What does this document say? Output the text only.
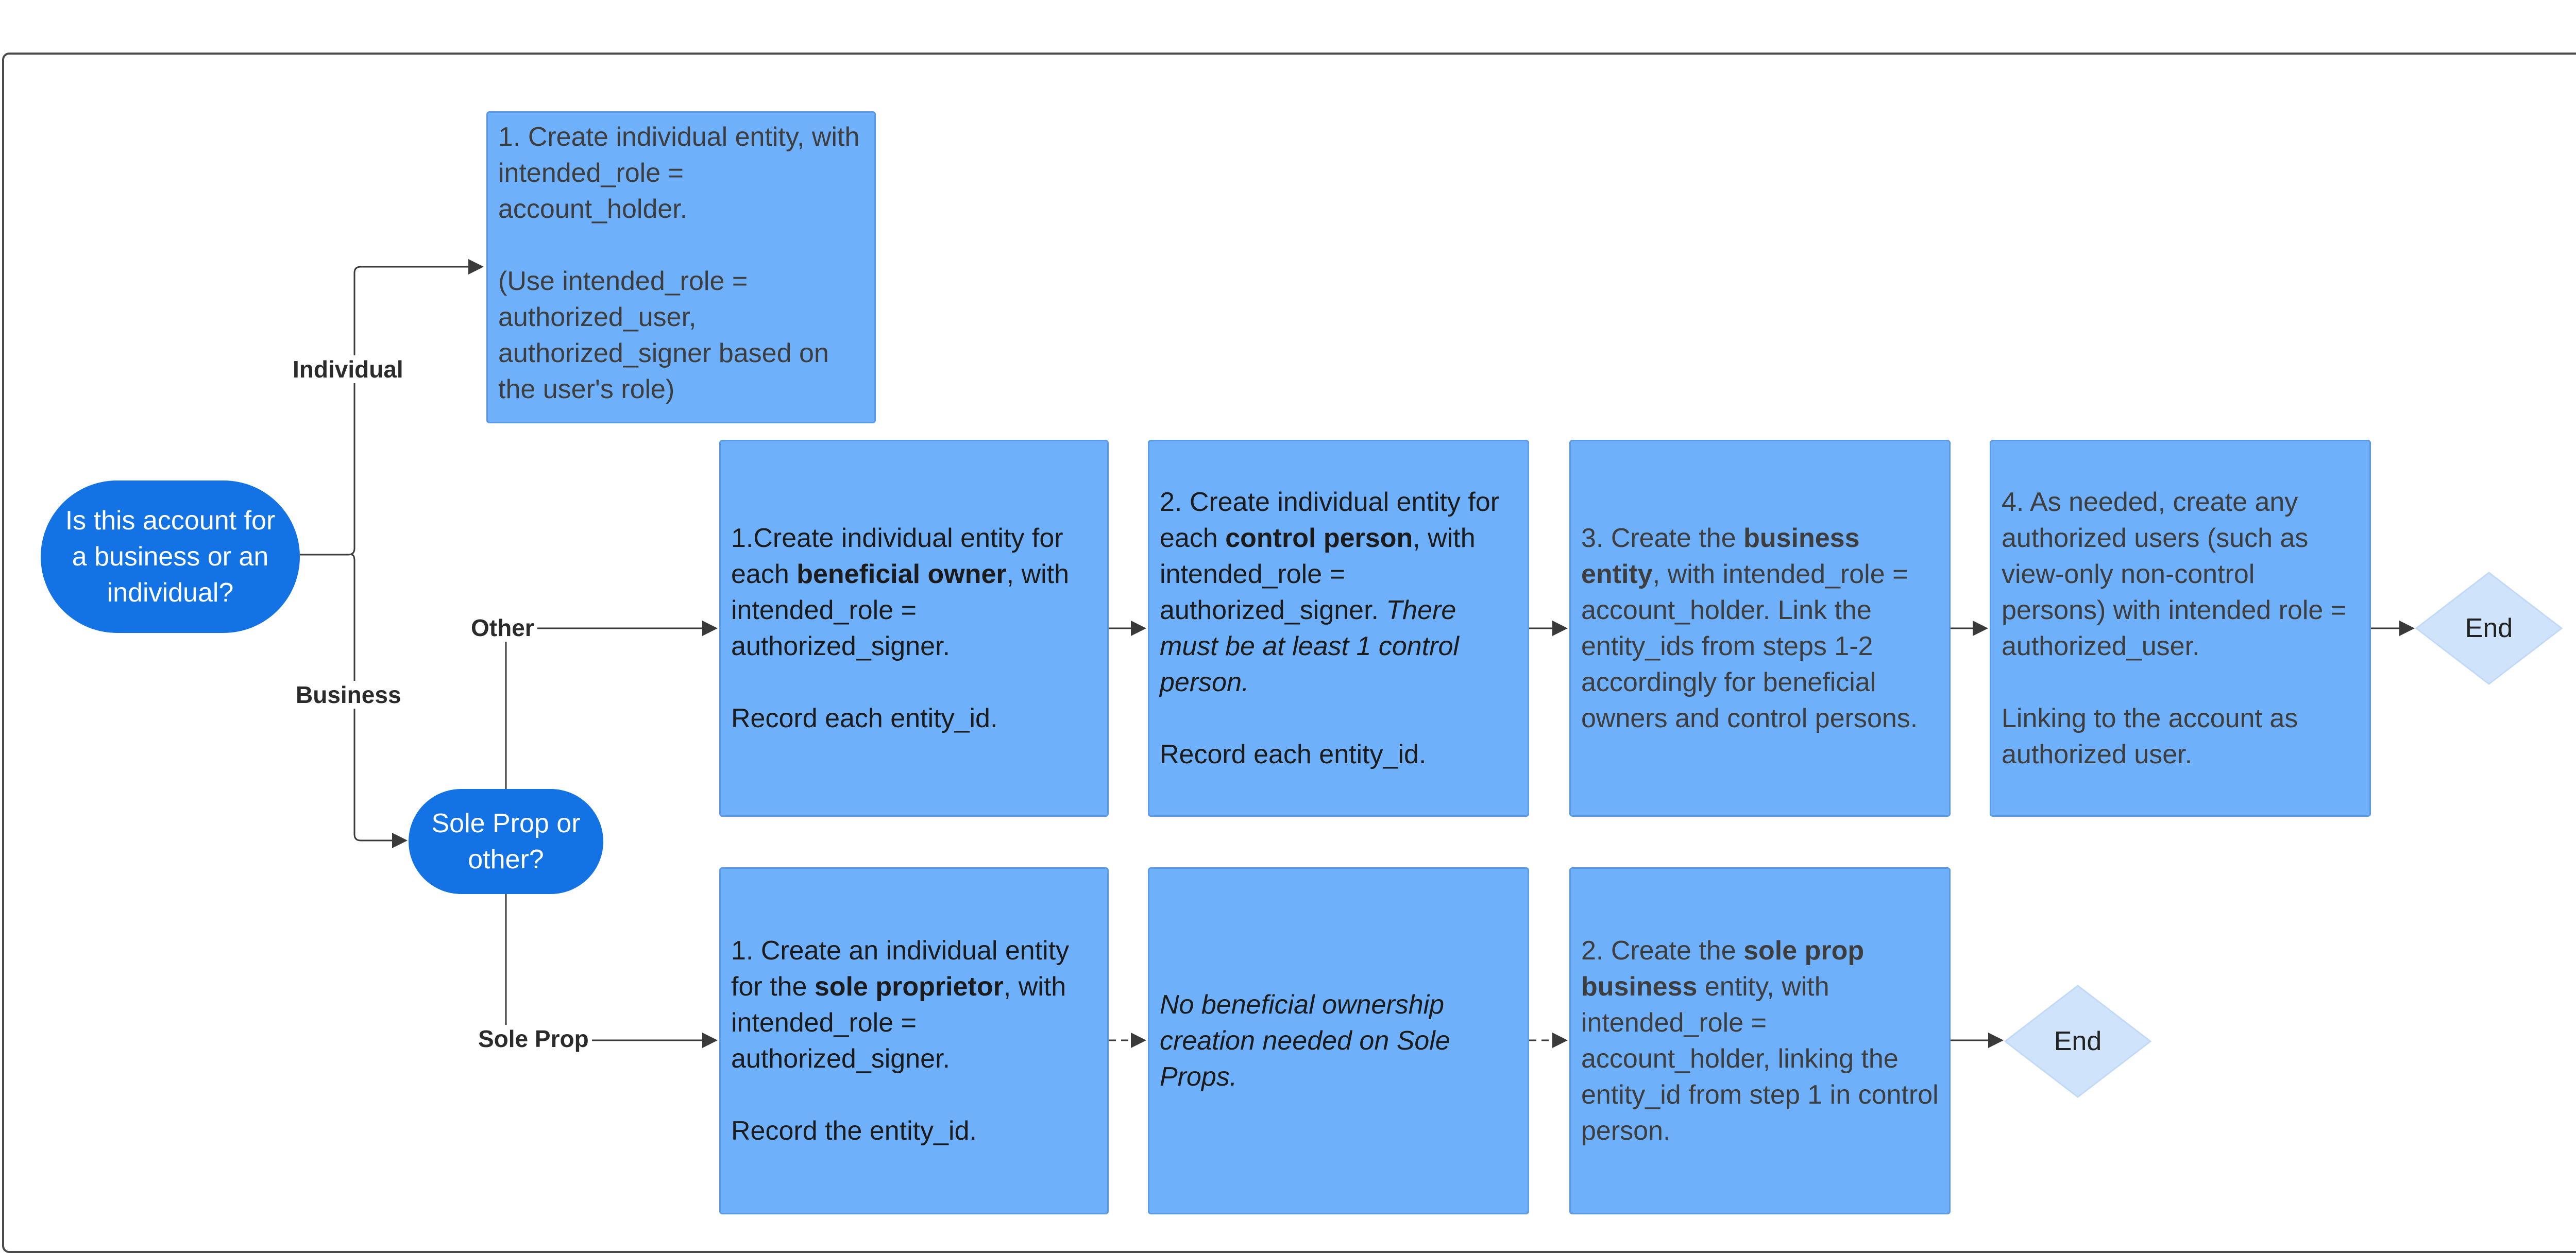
Is this account for a business or an individual?
Sole Prop or other?
Individual
Business
Other
Sole Prop
1. Create individual entity, with intended_role = account_holder.
(Use intended_role = authorized_user, authorized_signer based on the user's role)
1.Create individual entity for each beneficial owner, with intended_role = authorized_signer.
Record each entity_id.
2. Create individual entity for each control person, with intended_role = authorized_signer. There must be at least 1 control person.
Record each entity_id.
3. Create the business entity, with intended_role = account_holder. Link the entity_ids from steps 1-2 accordingly for beneficial owners and control persons.
4. As needed, create any authorized users (such as view-only non-control persons) with intended role = authorized_user.
Linking to the account as authorized user.
1. Create an individual entity for the sole proprietor, with intended_role = authorized_signer.
Record the entity_id.
No beneficial ownership creation needed on Sole Props.
2. Create the sole prop business entity, with intended_role = account_holder, linking the entity_id from step 1 in control person.
End
End
